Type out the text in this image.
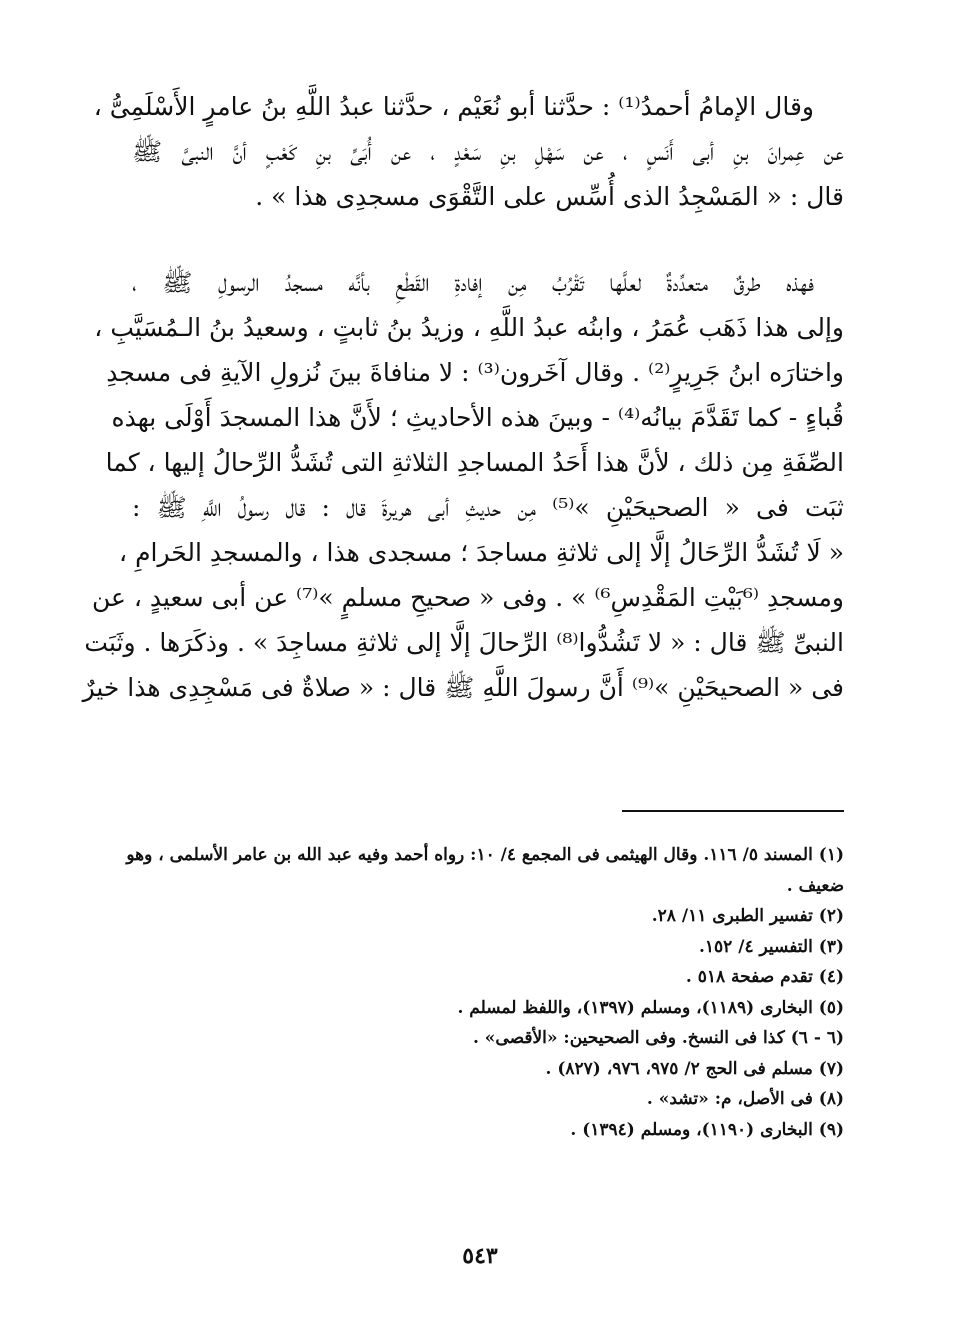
وقال الإمامُ أحمدُ⁽¹⁾ : حدَّثنا أبو نُعَيْم ، حدَّثنا عبدُ اللَّهِ بنُ عامرٍ الأَسْلَمِىُّ ،
عن عِمرانَ بنِ أبى أَنَسٍ ، عن سَهْلِ بنِ سَعْدٍ ، عن أُبَىِّ بنِ كَعْبٍ أنَّ النبىَّ ﷺ
قال : « المَسْجِدُ الذى أُسِّس على التَّقْوَى مسجدِى هذا » .
فهذه طرقٌ متعدِّدةٌ لعلَّها تَقْرُبُ مِن إفادةِ القَطْعِ بأنَّه مسجدُ الرسولِ ﷺ ،
وإلى هذا ذَهَب عُمَرُ ، وابنُه عبدُ اللَّهِ ، وزيدُ بنُ ثابتٍ ، وسعيدُ بنُ الـمُسَيَّبِ ،
واختارَه ابنُ جَرِيرٍ⁽²⁾ . وقال آخَرون⁽³⁾ : لا منافاةَ بينَ نُزولِ الآيةِ فى مسجدِ
قُباءٍ - كما تَقَدَّمَ بيانُه⁽⁴⁾ - وبينَ هذه الأحاديثِ ؛ لأَنَّ هذا المسجدَ أَوْلَى بهذه
الصِّفَةِ مِن ذلك ، لأنَّ هذا أَحَدُ المساجدِ الثلاثةِ التى تُشَدُّ الرِّحالُ إليها ، كما
ثبَت فى « الصحيحَيْنِ »⁽⁵⁾ مِن حديثِ أبى هريرةَ قال : قال رسولُ اللَّهِ ﷺ :
« لَا تُشَدُّ الرِّحَالُ إلَّا إلى ثلاثةِ مساجدَ ؛ مسجدى هذا ، والمسجدِ الحَرامِ ،
ومسجدِ ⁽⁶بَيْتِ المَقْدِسِ⁶⁾ » . وفى « صحيحِ مسلمٍ »⁽⁷⁾ عن أبى سعيدٍ ، عن
النبىِّ ﷺ قال : « لا تَشُدُّوا⁽⁸⁾ الرِّحالَ إلَّا إلى ثلاثةِ مساجِدَ » . وذكَرَها . وثَبَت
فى « الصحيحَيْنِ »⁽⁹⁾ أَنَّ رسولَ اللَّهِ ﷺ قال : « صلاةٌ فى مَسْجِدِى هذا خيرٌ
(١) المسند ٥/ ١١٦. وقال الهيثمى فى المجمع ٤/ ١٠: رواه أحمد وفيه عبد الله بن عامر الأسلمى ، وهو
ضعيف .
(٢) تفسير الطبرى ١١/ ٢٨.
(٣) التفسير ٤/ ١٥٢.
(٤) تقدم صفحة ٥١٨ .
(٥) البخارى (١١٨٩)، ومسلم (١٣٩٧)، واللفظ لمسلم .
(٦ - ٦) كذا فى النسخ. وفى الصحيحين: «الأقصى» .
(٧) مسلم فى الحج ٢/ ٩٧٥، ٩٧٦، (٨٢٧) .
(٨) فى الأصل، م: «تشد» .
(٩) البخارى (١١٩٠)، ومسلم (١٣٩٤) .
٥٤٣
